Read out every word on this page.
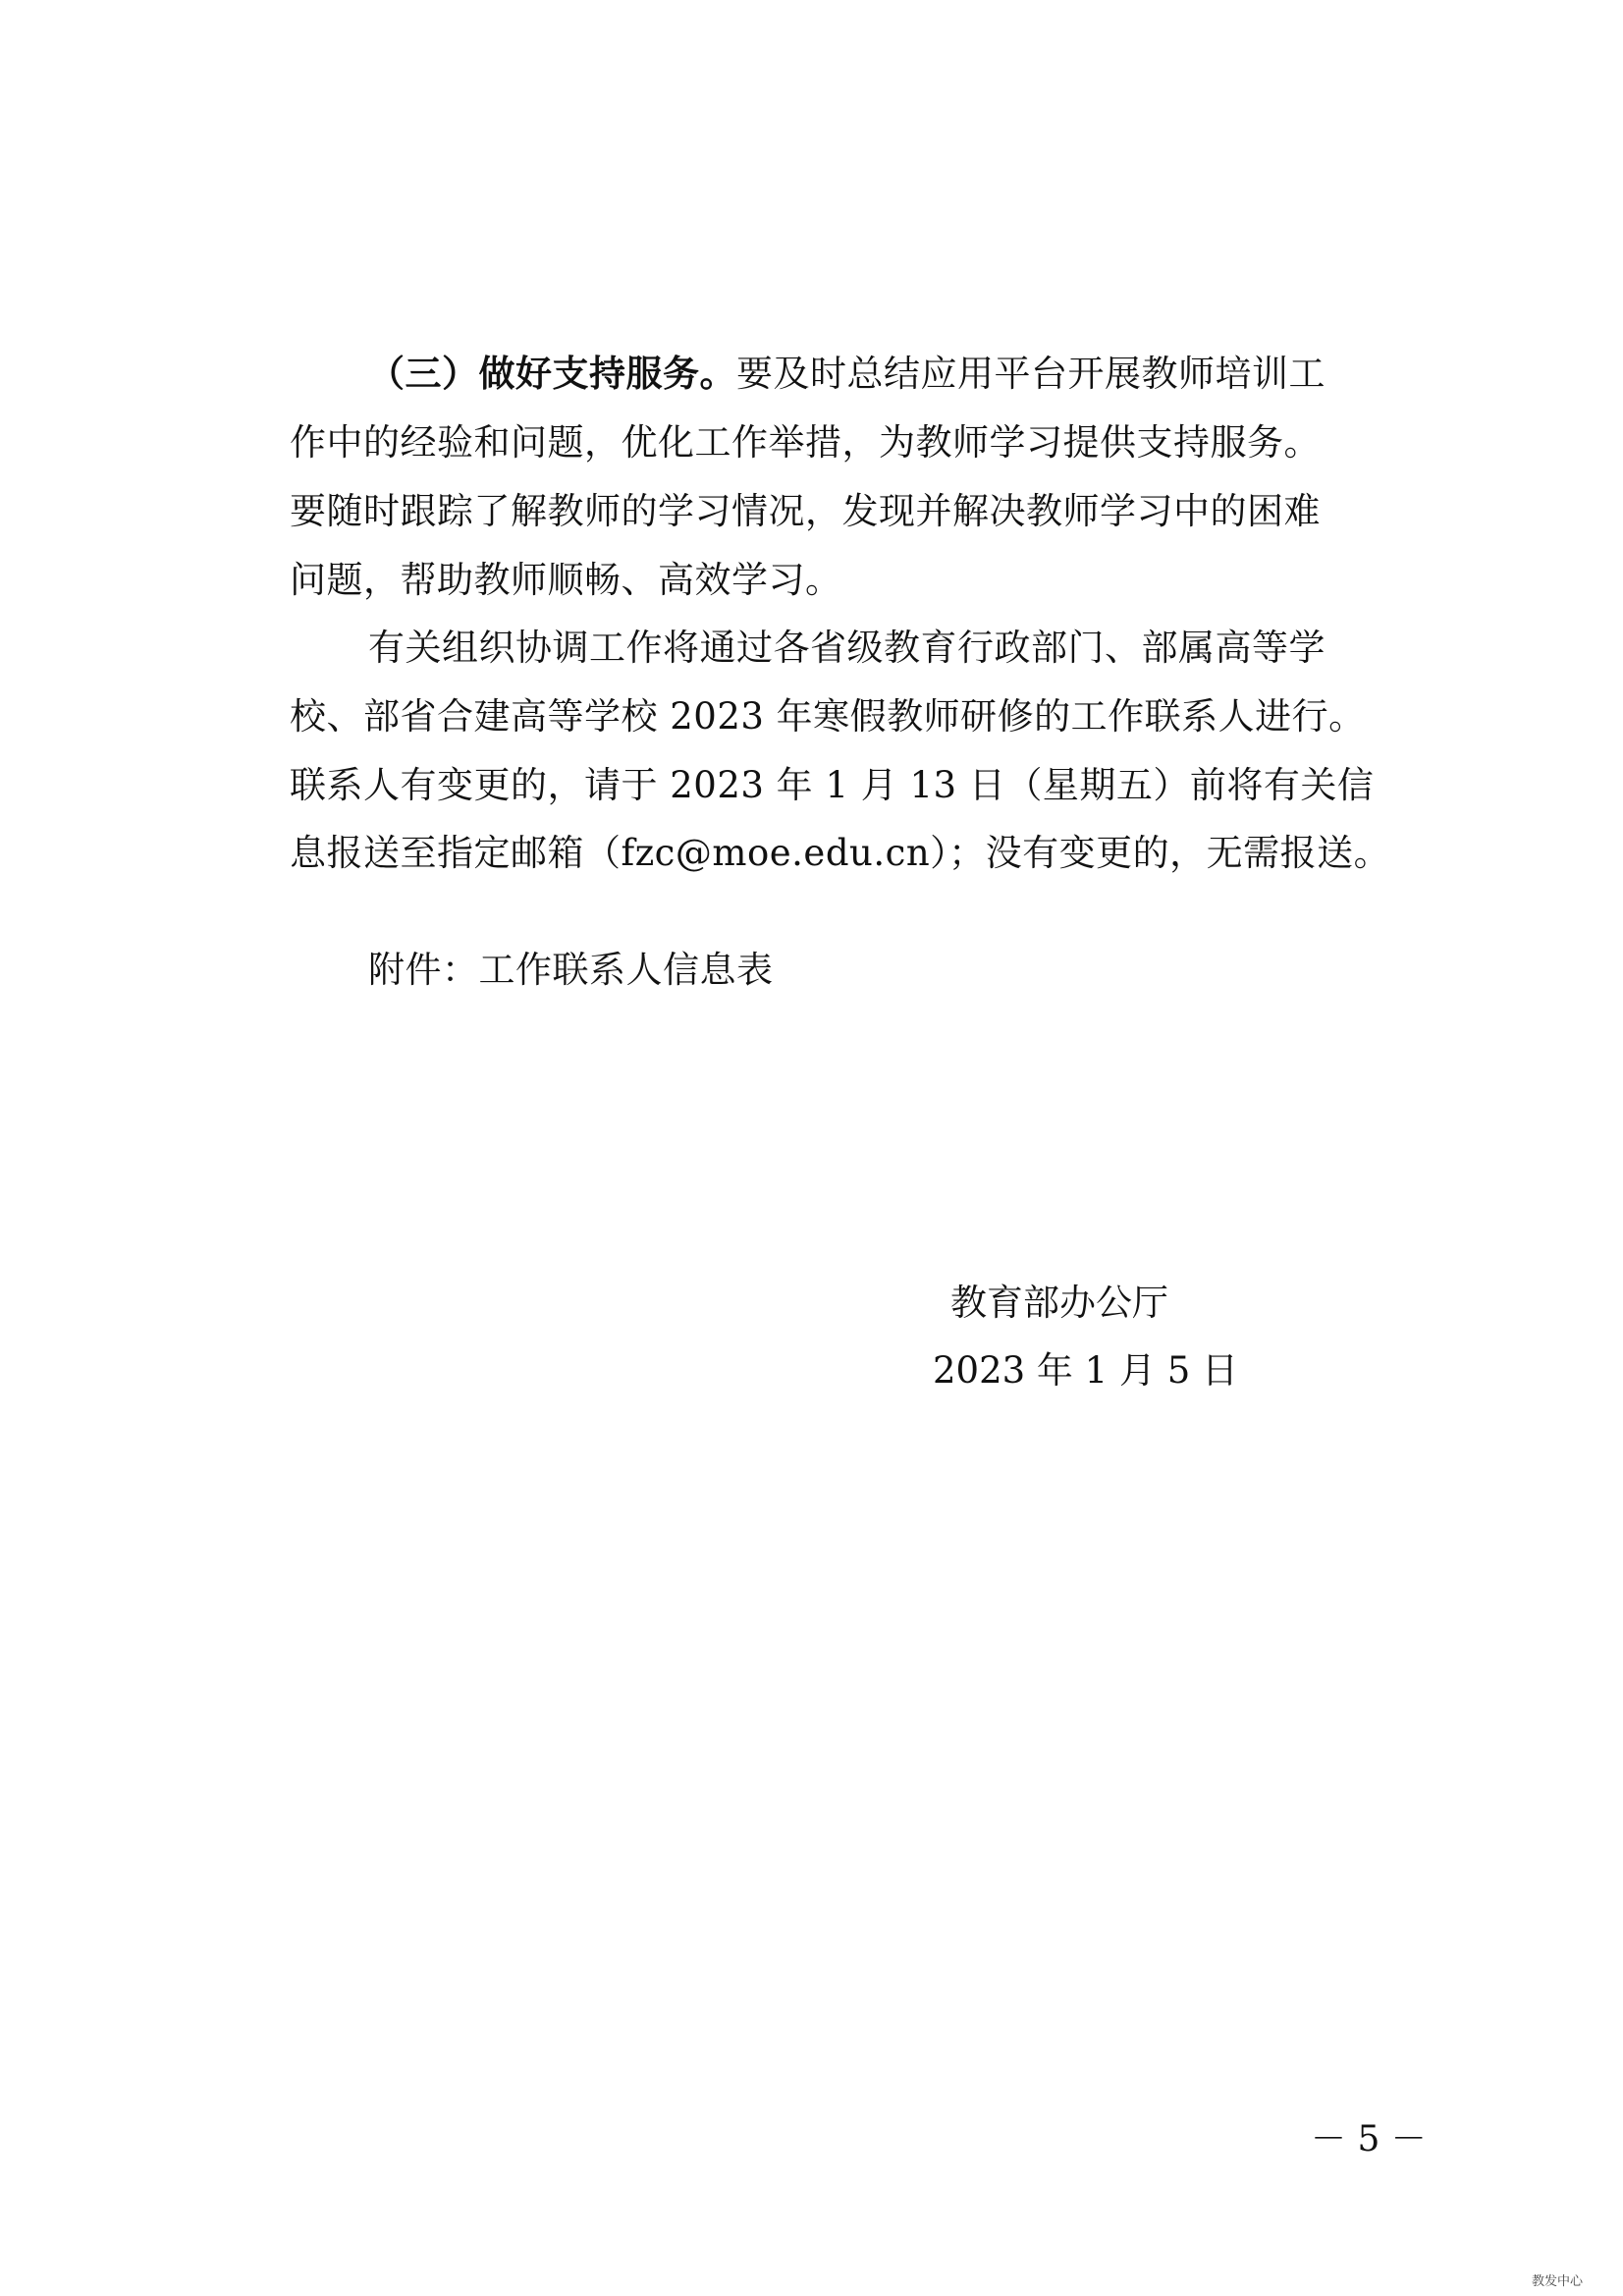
（三）做好支持服务。要及时总结应用平台开展教师培训工
作中的经验和问题，优化工作举措，为教师学习提供支持服务。
要随时跟踪了解教师的学习情况，发现并解决教师学习中的困难
问题，帮助教师顺畅、高效学习。
有关组织协调工作将通过各省级教育行政部门、部属高等学
校、部省合建高等学校 2023 年寒假教师研修的工作联系人进行。
联系人有变更的，请于 2023 年 1 月 13 日（星期五）前将有关信
息报送至指定邮箱（fzc@moe.edu.cn）；没有变更的，无需报送。
附件：工作联系人信息表
教育部办公厅
2023 年 1 月 5 日
－ 5 －
教发中心
